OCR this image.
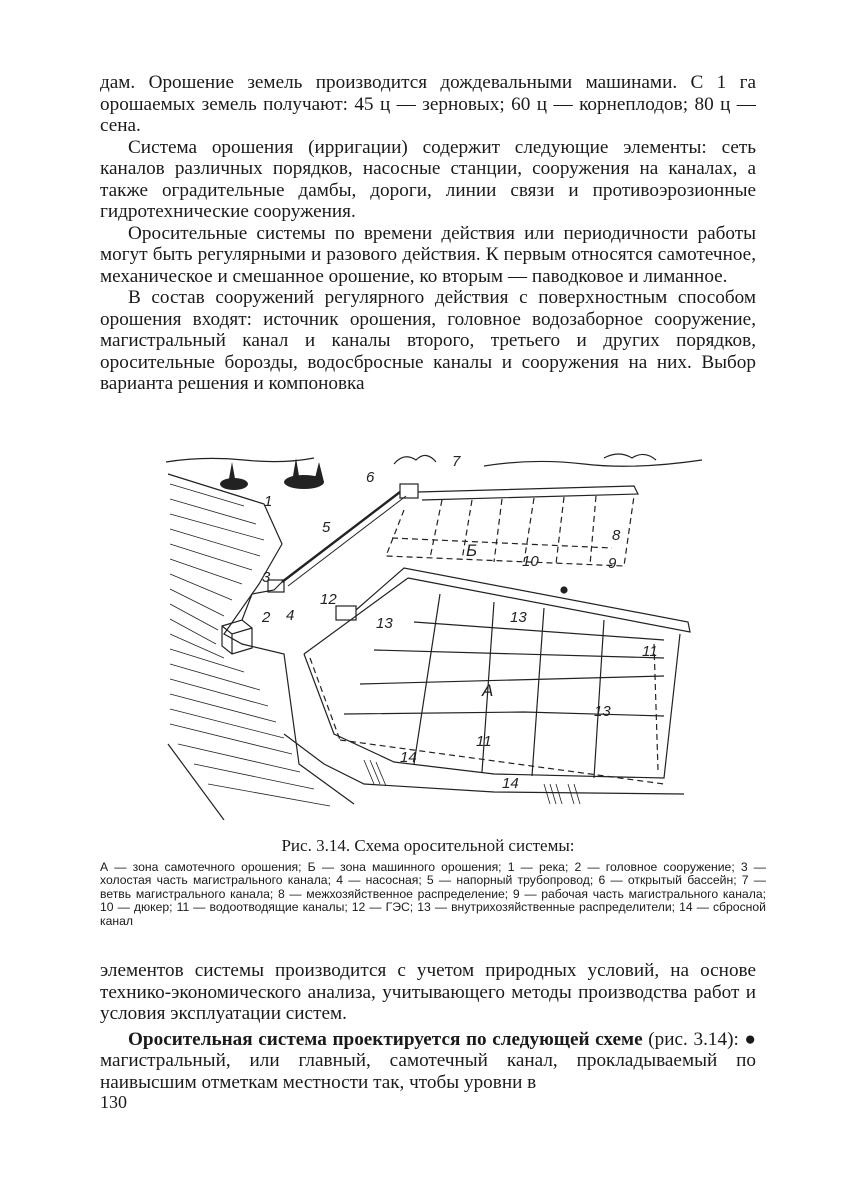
дам. Орошение земель производится дождевальными машинами. С 1 га орошаемых земель получают: 45 ц — зерновых; 60 ц — корнеплодов; 80 ц — сена.

Система орошения (ирригации) содержит следующие элементы: сеть каналов различных порядков, насосные станции, сооружения на каналах, а также оградительные дамбы, дороги, линии связи и противоэрозионные гидротехнические сооружения.

Оросительные системы по времени действия или периодичности работы могут быть регулярными и разового действия. К первым относятся самотечное, механическое и смешанное орошение, ко вторым — паводковое и лиманное.

В состав сооружений регулярного действия с поверхностным способом орошения входят: источник орошения, головное водозаборное сооружение, магистральный канал и каналы второго, третьего и других порядков, оросительные борозды, водосбросные каналы и сооружения на них. Выбор варианта решения и компоновка

1
2
3
4
5
6
7
8
9
10
11
11
12
13	13
13
14
14
А
Б
Рис. 3.14. Схема оросительной системы:
А — зона самотечного орошения; Б — зона машинного орошения; 1 — река; 2 — головное сооружение; 3 — холостая часть магистрального канала; 4 — насосная; 5 — напорный трубопровод; 6 — открытый бассейн; 7 — ветвь магистрального канала; 8 — межхозяйственное распределение; 9 — рабочая часть магистрального канала; 10 — дюкер; 11 — водоотводящие каналы; 12 — ГЭС; 13 — внутрихозяйственные распределители; 14 — сбросной канал

элементов системы производится с учетом природных условий, на основе технико-экономического анализа, учитывающего методы производства работ и условия эксплуатации систем.

Оросительная система проектируется по следующей схеме (рис. 3.14): ● магистральный, или главный, самотечный канал, прокладываемый по наивысшим отметкам местности так, чтобы уровни в

130
